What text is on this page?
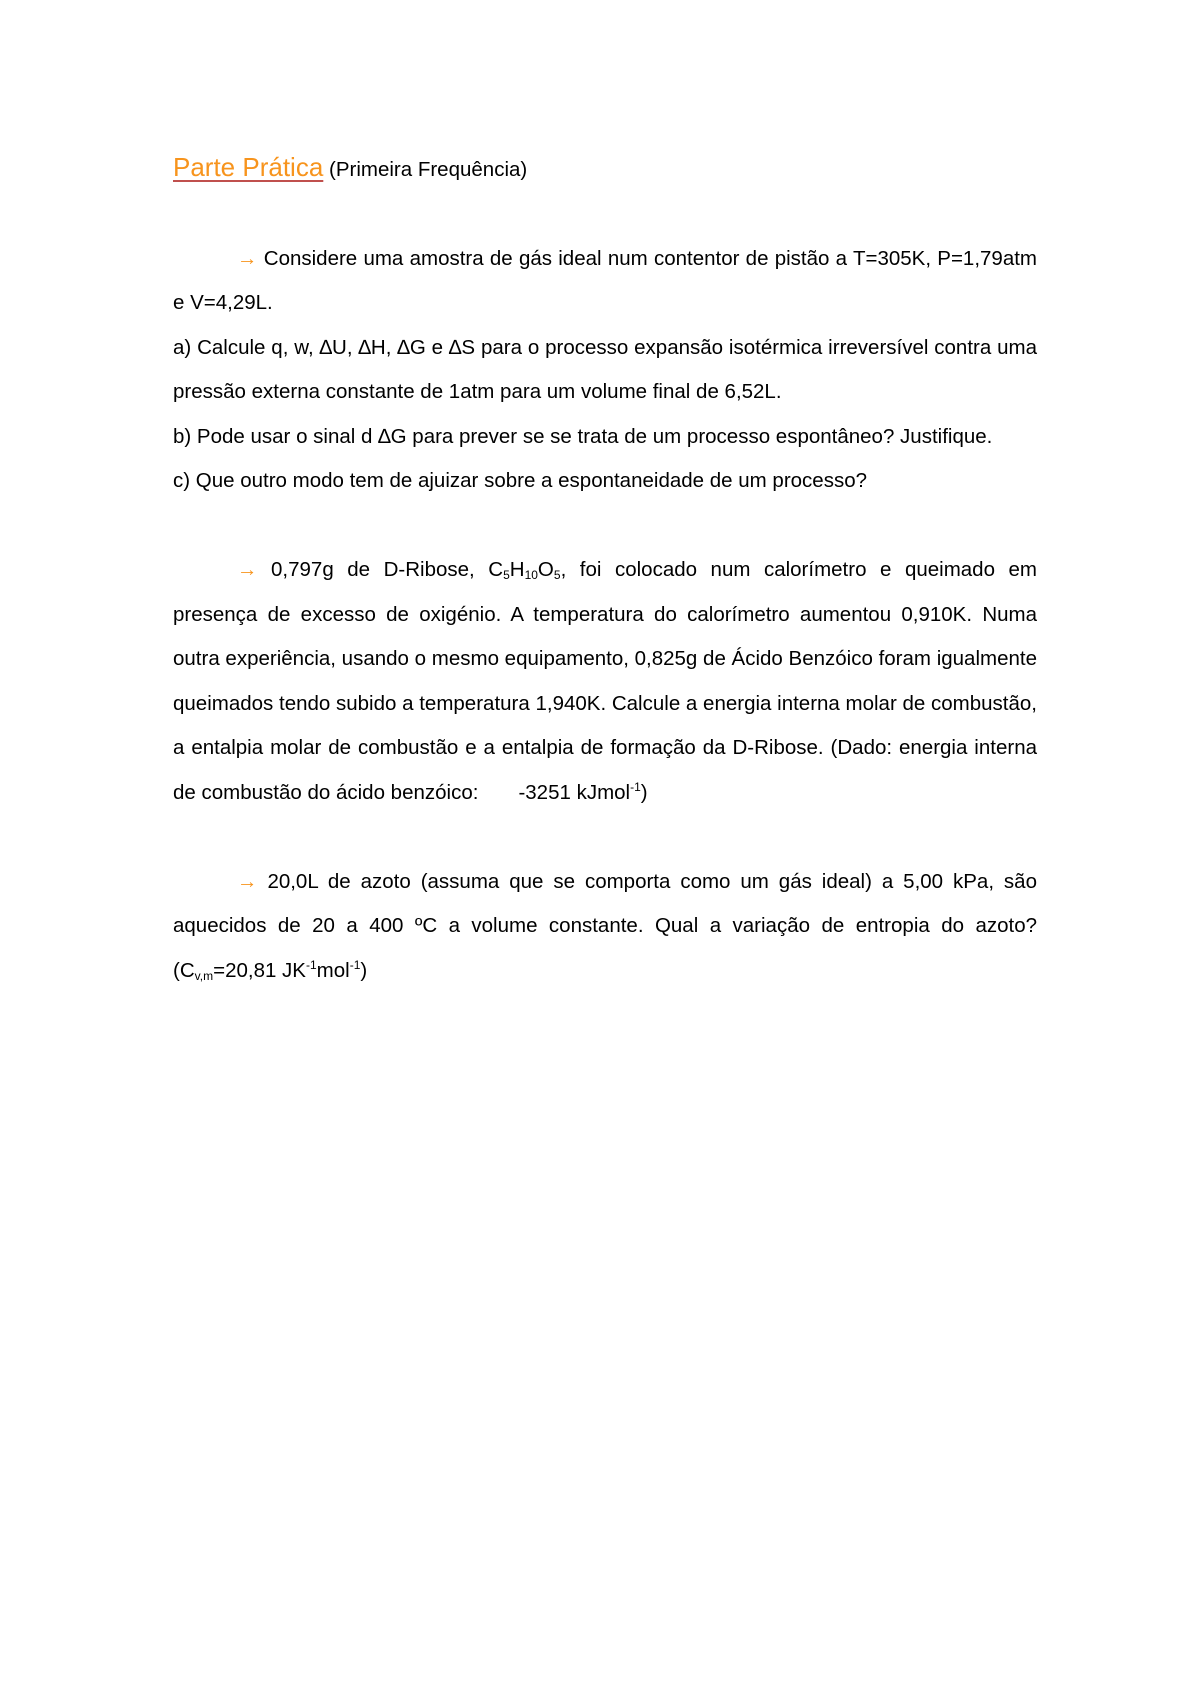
Parte Prática (Primeira Frequência)

→ Considere uma amostra de gás ideal num contentor de pistão a T=305K, P=1,79atm e V=4,29L.

a) Calcule q, w, ∆U, ∆H, ∆G e ∆S para o processo expansão isotérmica irreversível contra uma pressão externa constante de 1atm para um volume final de 6,52L.

b) Pode usar o sinal d ∆G para prever se se trata de um processo espontâneo? Justifique.

c) Que outro modo tem de ajuizar sobre a espontaneidade de um processo?

→ 0,797g de D-Ribose, $C_5H_{10}O_5$, foi colocado num calorímetro e queimado em presença de excesso de oxigénio. A temperatura do calorímetro aumentou 0,910K. Numa outra experiência, usando o mesmo equipamento, 0,825g de Ácido Benzóico foram igualmente queimados tendo subido a temperatura 1,940K. Calcule a energia interna molar de combustão, a entalpia molar de combustão e a entalpia de formação da D-Ribose. (Dado: energia interna de combustão do ácido benzóico: -3251 kJmol$^{-1}$)

→ 20,0L de azoto (assuma que se comporta como um gás ideal) a 5,00 kPa, são aquecidos de 20 a 400 ºC a volume constante. Qual a variação de entropia do azoto? ($C_{v,m}=20,81$ $JK^{-1}mol^{-1}$)
